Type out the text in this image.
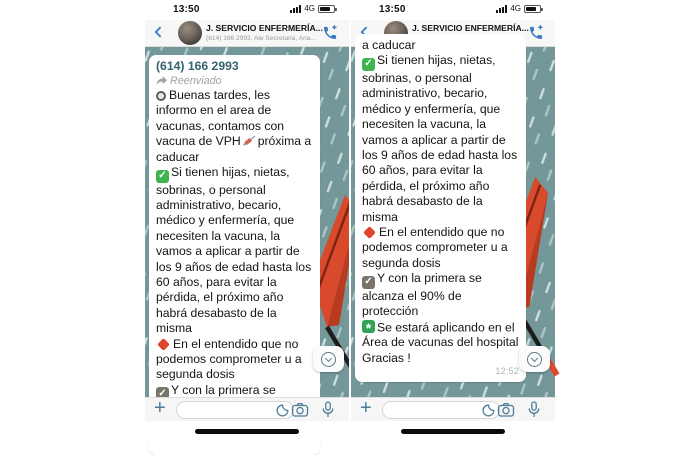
13:50	4G
J. SERVICIO ENFERMERÍA...
(614) 166 2993, Ale Secretaria, Ana...
(614) 166 2993
Reenviado

Buenas tardes, les informo en el area de vacunas, contamos con vacuna de VPH próxima a caducar

✓Si tienen hijas, nietas, sobrinas, o personal administrativo, becario, médico y enfermería, que necesiten la vacuna, la vamos a aplicar a partir de los 9 años de edad hasta los 60 años, para evitar la pérdida, el próximo año habrá desabasto de la misma

En el entendido que no podemos comprometer u a segunda dosis

✓Y con la primera se

+
13:50	4G
J. SERVICIO ENFERMERÍA...

a caducar

✓Si tienen hijas, nietas, sobrinas, o personal administrativo, becario, médico y enfermería, que necesiten la vacuna, la vamos a aplicar a partir de los 9 años de edad hasta los 60 años, para evitar la pérdida, el próximo año habrá desabasto de la misma

En el entendido que no podemos comprometer u a segunda dosis

✓Y con la primera se alcanza el 90% de protección

*Se estará aplicando en el Área de vacunas del hospital

Gracias !

12:52
+
